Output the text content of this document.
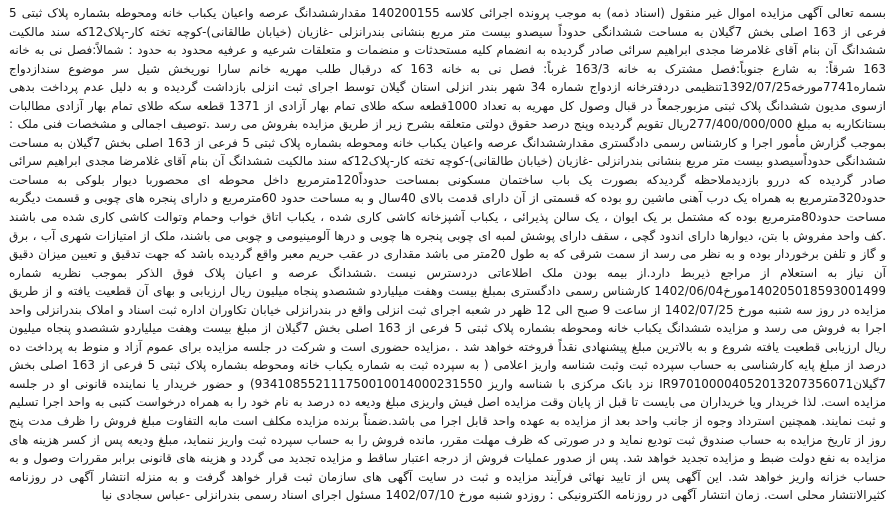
بسمه تعالی آگهی مزایده اموال غیر منقول (اسناد ذمه) به موجب پرونده اجرائی کلاسه 140200155 مقدارششدانگ عرصه واعیان یکباب خانه ومحوطه بشماره پلاک ثبتی 5 فرعی از 163 اصلی بخش 7گیلان به مساحت ششدانگی حدوداً سیصدو بیست متر مربع بنشانی بندرانزلی -غازیان (خیابان طالقانی)-کوچه تخته کار-پلاک12که سند مالکیت ششدانگ آن بنام آقای غلامرضا مجدی ابراهیم سرائی صادر گردیده به انضمام کلیه مستحدثات و منضمات و متعلقات شرعیه و عرفیه محدود به حدود : شمالاً:فصل نی به خانه 163 شرقاً: به شارع جنوباً:فصل مشترک به خانه 163/3 غرباً: فصل نی به خانه 163 که درقبال طلب مهریه خانم سارا نوریخش شیل سر موضوع سندازدواج شماره7741مورخه1392/07/25تنظیمی دردفترخانه ازدواج شماره 34 شهر بندر انزلی استان گیلان توسط اجرای ثبت انزلی بازداشت گردیده و به دلیل عدم پرداخت بدهی ازسوی مدیون ششدانگ پلاک ثبتی مزبورجمعاً در قبال وصول کل مهریه به تعداد 1000قطعه سکه طلای تمام بهار آزادی از 1371 قطعه سکه طلای تمام بهار آزادی مطالبات بستانکاربه به مبلغ 277/400/000/000ریال تقویم گردیده وپنج درصد حقوق دولتی متعلقه بشرح زیر از طریق مزایده بفروش می رسد .توصیف اجمالی و مشخصات فنی ملک : بموجب گزارش مأمور اجرا و کارشناس رسمی دادگستری مقدارششدانگ عرصه واعیان یکباب خانه ومحوطه بشماره پلاک ثبتی 5 فرعی از 163 اصلی بخش 7گیلان به مساحت ششدانگی حدوداًسیصدو بیست متر مربع بنشانی بندرانزلی -غازیان (خیابان طالقانی)-کوچه تخته کار-پلاک12که سند مالکیت ششدانگ آن بنام آقای غلامرضا مجدی ابراهیم سرائی صادر گردیده که دررو بازدیدملاحظه گردیدکه بصورت یک باب ساختمان مسکونی بمساحت حدوداً120مترمربع داخل محوطه ای محصوربا دیوار بلوکی به مساحت حدود320مترمربع به همراه یک درب آهنی ماشین رو بوده که قسمتی از آن دارای قدمت بالای 40سال و به مساحت حدود 60مترمربع و دارای پنجره های چوبی و قسمت دیگربه مساحت حدود80مترمربع بوده که مشتمل بر یک ایوان ، یک سالن پذیرائی ، یکباب آشپزخانه کاشی کاری شده ، یکباب اتاق خواب وحمام وتوالت کاشی کاری شده می باشند .کف واحد مفروش با بتن، دیوارها دارای اندود گچی ، سقف دارای پوشش لمبه ای چوبی پنجره ها چوبی و درها آلومینیومی و چوبی می باشند، ملک از امتیازات شهری آب ، برق و گاز و تلفن برخوردار بوده و به نظر می رسد از سمت شرقی که به طول 20متر می باشد مقداری در عقب حریم معبر واقع گردیده باشد که جهت تدقیق و تعیین میزان دقیق آن نیاز به استعلام از مراجع ذیربط دارد.از بیمه بودن ملک اطلاعاتی دردسترس نیست .ششدانگ عرصه و اعیان پلاک فوق الذکر بموجب نظریه شماره 140205018593001499مورخ1402/06/04 کارشناس رسمی دادگستری بمبلغ بیست وهفت میلیاردو ششصدو پنجاه میلیون ریال ارزیابی و بهای آن قطعیت یافته و از طریق مزایده در روز سه شنبه مورخ 1402/07/25 از ساعت 9 صبح الی 12 ظهر در شعبه اجرای ثبت انزلی واقع در بندرانزلی خیابان تکاوران اداره ثبت اسناد و املاک بندرانزلی واحد اجرا به فروش می رسد و مزایده ششدانگ یکباب خانه ومحوطه بشماره پلاک ثبتی 5 فرعی از 163 اصلی بخش 7گیلان از مبلغ بیست وهفت میلیاردو ششصدو پنجاه میلیون ریال ارزیابی قطعیت یافته شروع و به بالاترین مبلغ پیشنهادی نقداً فروخته خواهد شد . ،مزایده حضوری است و شرکت در جلسه مزایده برای عموم آزاد و منوط به پرداخت ده درصد از مبلغ پایه کارشناسی به حساب سپرده ثبت وثبت شناسه واریز اعلامی ( به سپرده ثبت به شماره یکباب خانه ومحوطه بشماره پلاک ثبتی 5 فرعی از 163 اصلی بخش 7گیلانIR970100004052013207356071 نزد بانک مرکزی با شناسه واریز 934108552111750010014000231550) و حضور خریدار یا نماینده قانونی او در جلسه مزایده است. لذا خریدار ویا خریداران می بایست تا قبل از پایان وقت مزایده اصل فیش واریزی مبلغ ودیعه ده درصد به نام خود را به همراه درخواست کتبی به واحد اجرا تسلیم و ثبت نمایند. همچنین استرداد وجوه از جانب واحد بعد از مزایده به عهده واحد قابل اجرا می باشد.ضمناً برنده مزایده مکلف است مابه التفاوت مبلغ فروش را ظرف مدت پنج روز از تاریخ مزایده به حساب صندوق ثبت تودیع نماید و در صورتی که ظرف مهلت مقرر، مانده فروش را به حساب سپرده ثبت واریز ننماید، مبلغ ودیعه پس از کسر هزینه های مزایده به نفع دولت ضبط و مزایده تجدید خواهد شد. پس از صدور عملیات فروش از درجه اعتبار ساقط و مزایده تجدید می گردد و هزینه های قانونی برابر مقررات وصول و به حساب خزانه واریز خواهد شد. این آگهی پس از تایید نهائی فرآیند مزایده و ثبت در سایت آگهی های سازمان ثبت قرار خواهد گرفت و به منزله انتشار آگهی در روزنامه کثیرالانتشار محلی است. زمان انتشار آگهی در روزنامه الکترونیکی : روزدو شنبه مورخ 1402/07/10 مسئول اجرای اسناد رسمی بندرانزلی -عباس سجادی نیا
